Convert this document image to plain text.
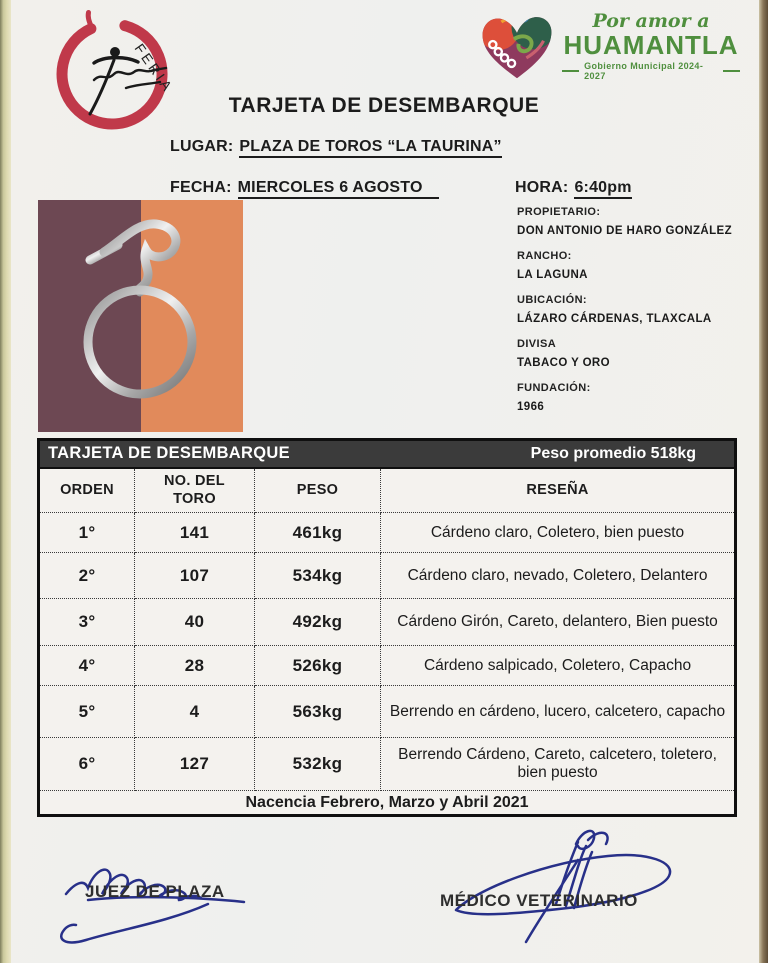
FERIA
Por amor a
HUAMANTLA
Gobierno Municipal 2024-2027
TARJETA DE DESEMBARQUE
LUGAR: PLAZA DE TOROS “LA TAURINA”
FECHA: MIERCOLES 6 AGOSTO	HORA: 6:40pm
PROPIETARIO:
DON ANTONIO DE HARO GONZÁLEZ
RANCHO:
LA LAGUNA
UBICACIÓN:
LÁZARO CÁRDENAS, TLAXCALA
DIVISA
TABACO Y ORO
FUNDACIÓN:
1966
TARJETA DE DESEMBARQUE Peso promedio 518kg			

ORDEN	NO. DEL TORO	PESO	RESEÑA
1°	141	461kg	Cárdeno claro, Coletero, bien puesto
2°	107	534kg	Cárdeno claro, nevado, Coletero, Delantero
3°	40	492kg	Cárdeno Girón, Careto, delantero, Bien puesto
4°	28	526kg	Cárdeno salpicado, Coletero, Capacho
5°	4	563kg	Berrendo en cárdeno, lucero, calcetero, capacho
6°	127	532kg	Berrendo Cárdeno, Careto, calcetero, toletero, bien puesto
Nacencia Febrero, Marzo y Abril 2021			
JUEZ DE PLAZA	MÉDICO VETERINARIO
